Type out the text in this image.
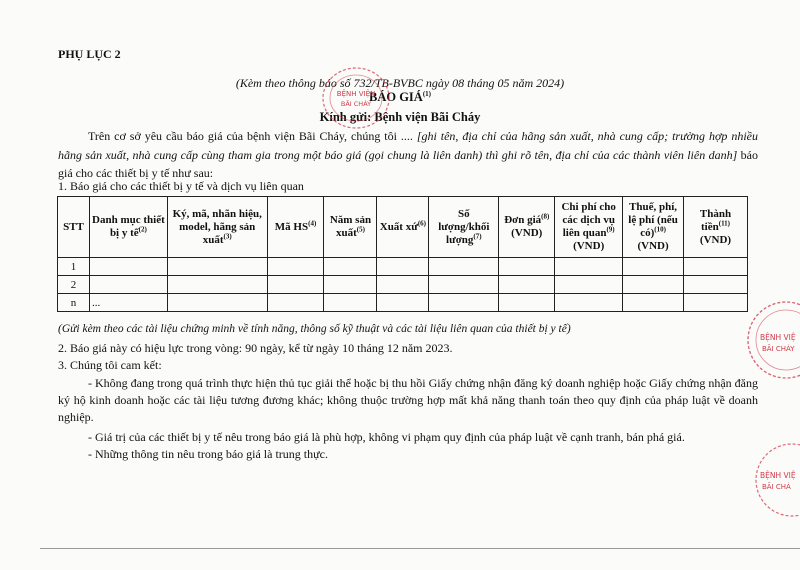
PHỤ LỤC 2
(Kèm theo thông báo số 732/TB-BVBC ngày 08 tháng 05 năm 2024)
BÁO GIÁ$^{(1)}$
Kính gửi: Bệnh viện Bãi Cháy
Trên cơ sở yêu cầu báo giá của bệnh viện Bãi Cháy, chúng tôi .... [ghi tên, địa chỉ của hãng sản xuất, nhà cung cấp; trường hợp nhiều hãng sản xuất, nhà cung cấp cùng tham gia trong một báo giá (gọi chung là liên danh) thì ghi rõ tên, địa chỉ của các thành viên liên danh] báo giá cho các thiết bị y tế như sau:
1. Báo giá cho các thiết bị y tế và dịch vụ liên quan
STT	Danh mục thiết bị y tế$^{(2)}$	Ký, mã, nhãn hiệu, model, hãng sản xuất$^{(3)}$	Mã HS$^{(4)}$	Năm sản xuất$^{(5)}$	Xuất xứ$^{(6)}$	Số lượng/khối lượng$^{(7)}$	Đơn giá$^{(8)}$ (VND)	Chi phí cho các dịch vụ liên quan$^{(9)}$ (VND)	Thuế, phí, lệ phí (nếu có)$^{(10)}$ (VND)	Thành tiền$^{(11)}$ (VND)
1										
2										
n	...									
(Gửi kèm theo các tài liệu chứng minh về tính năng, thông số kỹ thuật và các tài liệu liên quan của thiết bị y tế)
2. Báo giá này có hiệu lực trong vòng: 90 ngày, kể từ ngày 10 tháng 12 năm 2023.
3. Chúng tôi cam kết:
- Không đang trong quá trình thực hiện thủ tục giải thể hoặc bị thu hồi Giấy chứng nhận đăng ký doanh nghiệp hoặc Giấy chứng nhận đăng ký hộ kinh doanh hoặc các tài liệu tương đương khác; không thuộc trường hợp mất khả năng thanh toán theo quy định của pháp luật về doanh nghiệp.
- Giá trị của các thiết bị y tế nêu trong báo giá là phù hợp, không vi phạm quy định của pháp luật về cạnh tranh, bán phá giá.
- Những thông tin nêu trong báo giá là trung thực.
BỆNH VIỆN
BÃI CHÁY
BỆNH VIỆ
BÃI CHÁY
BỆNH VIỆ
BÃI CHÁ
